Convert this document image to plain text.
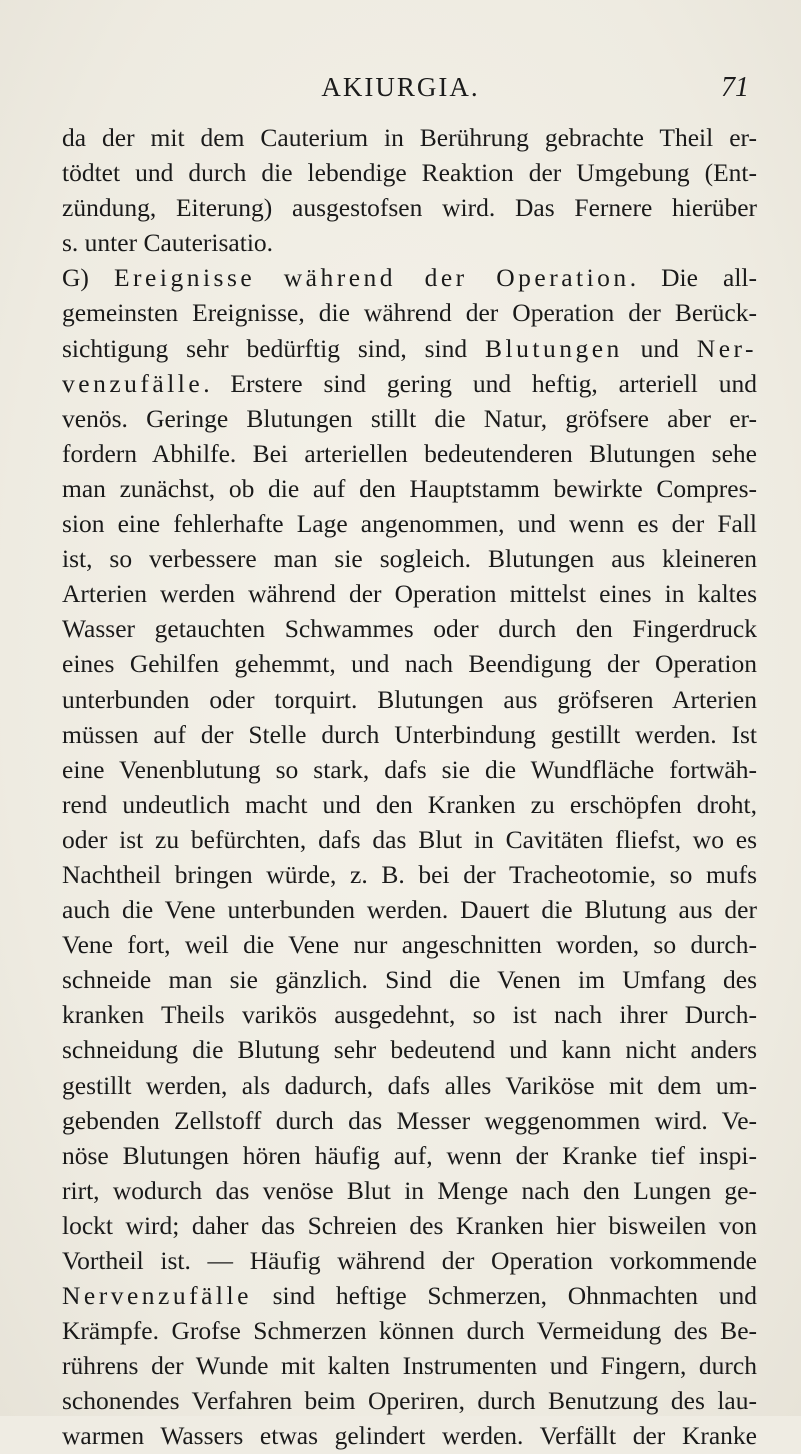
AKIURGIA.	71
da der mit dem Cauterium in Berührung gebrachte Theil er-
tödtet und durch die lebendige Reaktion der Umgebung (Ent-
zündung, Eiterung) ausgestofsen wird. Das Fernere hierüber
s. unter Cauterisatio.
G) Ereignisse während der Operation. Die all-
gemeinsten Ereignisse, die während der Operation der Berück-
sichtigung sehr bedürftig sind, sind Blutungen und Ner-
venzufälle. Erstere sind gering und heftig, arteriell und
venös. Geringe Blutungen stillt die Natur, gröfsere aber er-
fordern Abhilfe. Bei arteriellen bedeutenderen Blutungen sehe
man zunächst, ob die auf den Hauptstamm bewirkte Compres-
sion eine fehlerhafte Lage angenommen, und wenn es der Fall
ist, so verbessere man sie sogleich. Blutungen aus kleineren
Arterien werden während der Operation mittelst eines in kaltes
Wasser getauchten Schwammes oder durch den Fingerdruck
eines Gehilfen gehemmt, und nach Beendigung der Operation
unterbunden oder torquirt. Blutungen aus gröfseren Arterien
müssen auf der Stelle durch Unterbindung gestillt werden. Ist
eine Venenblutung so stark, dafs sie die Wundfläche fortwäh-
rend undeutlich macht und den Kranken zu erschöpfen droht,
oder ist zu befürchten, dafs das Blut in Cavitäten fliefst, wo es
Nachtheil bringen würde, z. B. bei der Tracheotomie, so mufs
auch die Vene unterbunden werden. Dauert die Blutung aus der
Vene fort, weil die Vene nur angeschnitten worden, so durch-
schneide man sie gänzlich. Sind die Venen im Umfang des
kranken Theils varikös ausgedehnt, so ist nach ihrer Durch-
schneidung die Blutung sehr bedeutend und kann nicht anders
gestillt werden, als dadurch, dafs alles Variköse mit dem um-
gebenden Zellstoff durch das Messer weggenommen wird. Ve-
nöse Blutungen hören häufig auf, wenn der Kranke tief inspi-
rirt, wodurch das venöse Blut in Menge nach den Lungen ge-
lockt wird; daher das Schreien des Kranken hier bisweilen von
Vortheil ist. — Häufig während der Operation vorkommende
Nervenzufälle sind heftige Schmerzen, Ohnmachten und
Krämpfe. Grofse Schmerzen können durch Vermeidung des Be-
rührens der Wunde mit kalten Instrumenten und Fingern, durch
schonendes Verfahren beim Operiren, durch Benutzung des lau-
warmen Wassers etwas gelindert werden. Verfällt der Kranke
